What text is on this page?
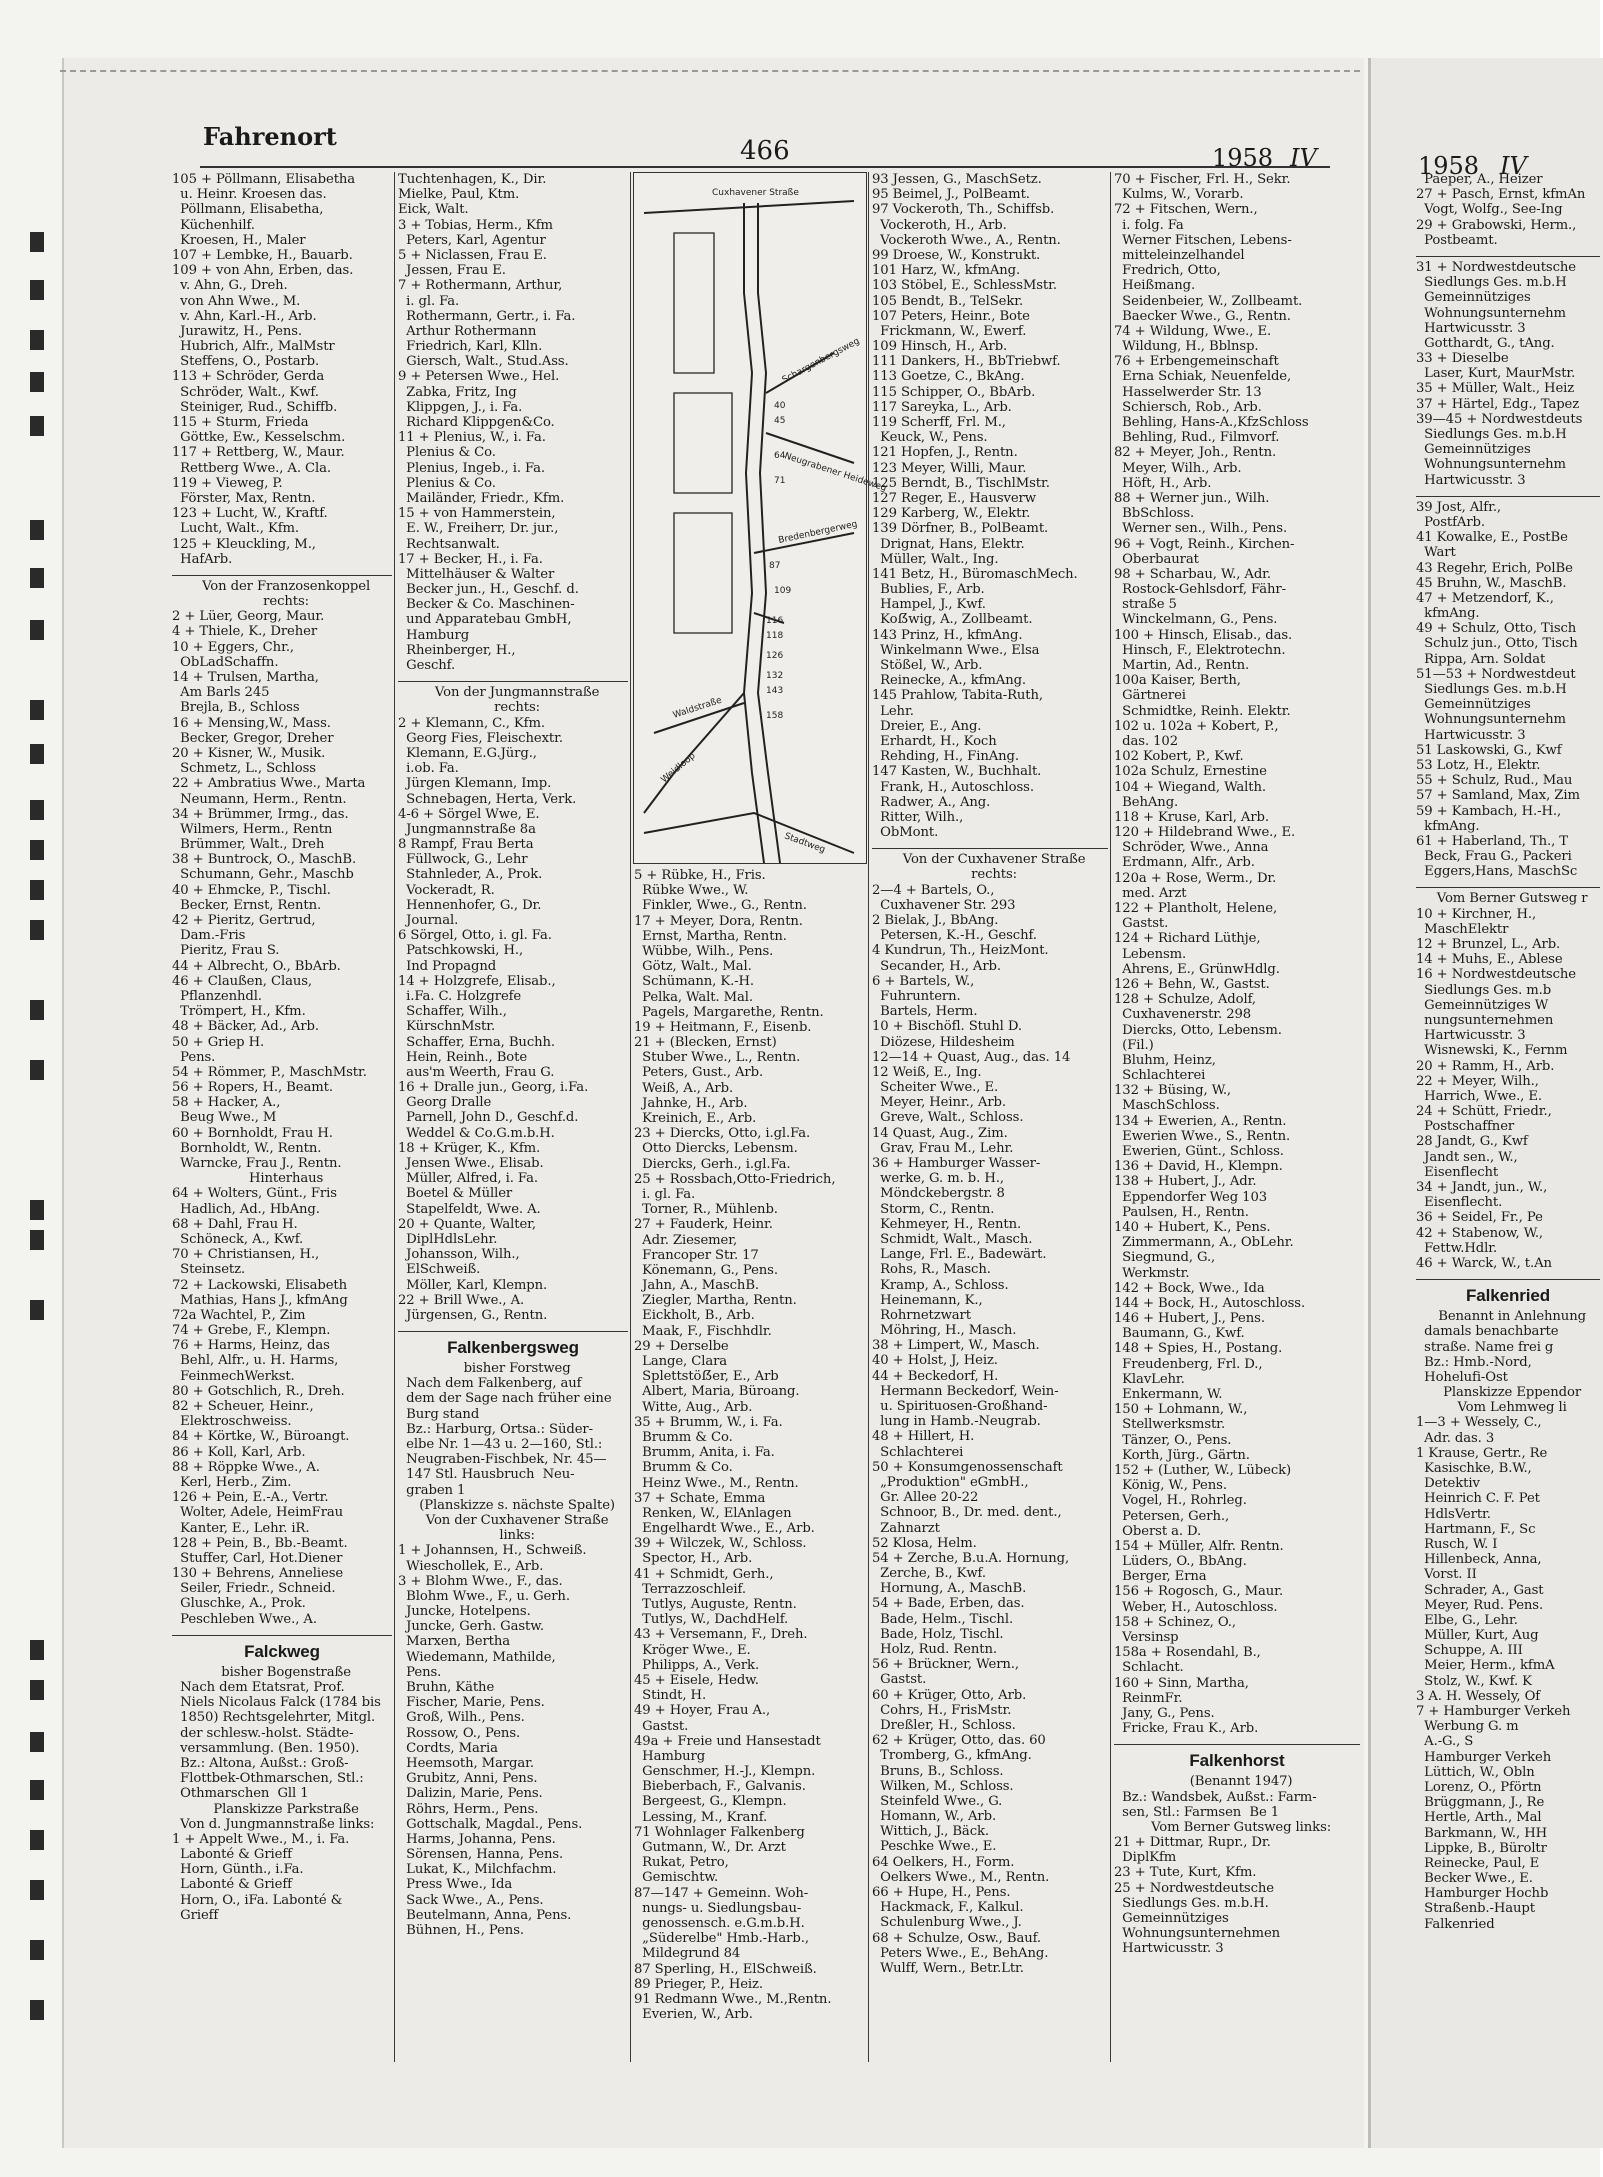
Fahrenort	466	1958 IV	1958 IV
105 + Pöllmann, Elisabetha
u. Heinr. Kroesen das.
Pöllmann, Elisabetha,
Küchenhilf.
Kroesen, H., Maler
107 + Lembke, H., Bauarb.
109 + von Ahn, Erben, das.
v. Ahn, G., Dreh.
von Ahn Wwe., M.
v. Ahn, Karl.-H., Arb.
Jurawitz, H., Pens.
Hubrich, Alfr., MalMstr
Steffens, O., Postarb.
113 + Schröder, Gerda
Schröder, Walt., Kwf.
Steiniger, Rud., Schiffb.
115 + Sturm, Frieda
Göttke, Ew., Kesselschm.
117 + Rettberg, W., Maur.
Rettberg Wwe., A. Cla.
119 + Vieweg, P.
Förster, Max, Rentn.
123 + Lucht, W., Kraftf.
Lucht, Walt., Kfm.
125 + Kleuckling, M.,
HafArb.
Von der Franzosenkoppel
rechts:
2 + Lüer, Georg, Maur.
4 + Thiele, K., Dreher
10 + Eggers, Chr.,
ObLadSchaffn.
14 + Trulsen, Martha,
Am Barls 245
Brejla, B., Schloss
16 + Mensing,W., Mass.
Becker, Gregor, Dreher
20 + Kisner, W., Musik.
Schmetz, L., Schloss
22 + Ambratius Wwe., Marta
Neumann, Herm., Rentn.
34 + Brümmer, Irmg., das.
Wilmers, Herm., Rentn
Brümmer, Walt., Dreh
38 + Buntrock, O., MaschB.
Schumann, Gehr., Maschb
40 + Ehmcke, P., Tischl.
Becker, Ernst, Rentn.
42 + Pieritz, Gertrud,
Dam.-Fris
Pieritz, Frau S.
44 + Albrecht, O., BbArb.
46 + Claußen, Claus,
Pflanzenhdl.
Trömpert, H., Kfm.
48 + Bäcker, Ad., Arb.
50 + Griep H.
Pens.
54 + Römmer, P., MaschMstr.
56 + Ropers, H., Beamt.
58 + Hacker, A.,
Beug Wwe., M
60 + Bornholdt, Frau H.
Bornholdt, W., Rentn.
Warncke, Frau J., Rentn.
Hinterhaus
64 + Wolters, Günt., Fris
Hadlich, Ad., HbAng.
68 + Dahl, Frau H.
Schöneck, A., Kwf.
70 + Christiansen, H.,
Steinsetz.
72 + Lackowski, Elisabeth
Mathias, Hans J., kfmAng
72a Wachtel, P., Zim
74 + Grebe, F., Klempn.
76 + Harms, Heinz, das
Behl, Alfr., u. H. Harms,
FeinmechWerkst.
80 + Gotschlich, R., Dreh.
82 + Scheuer, Heinr.,
Elektroschweiss.
84 + Körtke, W., Büroangt.
86 + Koll, Karl, Arb.
88 + Röppke Wwe., A.
Kerl, Herb., Zim.
126 + Pein, E.-A., Vertr.
Wolter, Adele, HeimFrau
Kanter, E., Lehr. iR.
128 + Pein, B., Bb.-Beamt.
Stuffer, Carl, Hot.Diener
130 + Behrens, Anneliese
Seiler, Friedr., Schneid.
Gluschke, A., Prok.
Peschleben Wwe., A.
Falckweg
bisher Bogenstraße
Nach dem Etatsrat, Prof.
Niels Nicolaus Falck (1784 bis
1850) Rechtsgelehrter, Mitgl.
der schlesw.-holst. Städte-
versammlung. (Ben. 1950).
Bz.: Altona, Außst.: Groß-
Flottbek-Othmarschen, Stl.:
Othmarschen  Gll 1
Planskizze Parkstraße
Von d. Jungmannstraße links:
1 + Appelt Wwe., M., i. Fa.
Labonté & Grieff
Horn, Günth., i.Fa.
Labonté & Grieff
Horn, O., iFa. Labonté &
Grieff
Tuchtenhagen, K., Dir.
Mielke, Paul, Ktm.
Eick, Walt.
3 + Tobias, Herm., Kfm
Peters, Karl, Agentur
5 + Niclassen, Frau E.
Jessen, Frau E.
7 + Rothermann, Arthur,
i. gl. Fa.
Rothermann, Gertr., i. Fa.
Arthur Rothermann
Friedrich, Karl, Klln.
Giersch, Walt., Stud.Ass.
9 + Petersen Wwe., Hel.
Zabka, Fritz, Ing
Klippgen, J., i. Fa.
Richard Klippgen&Co.
11 + Plenius, W., i. Fa.
Plenius & Co.
Plenius, Ingeb., i. Fa.
Plenius & Co.
Mailänder, Friedr., Kfm.
15 + von Hammerstein,
E. W., Freiherr, Dr. jur.,
Rechtsanwalt.
17 + Becker, H., i. Fa.
Mittelhäuser & Walter
Becker jun., H., Geschf. d.
Becker & Co. Maschinen-
und Apparatebau GmbH,
Hamburg
Rheinberger, H.,
Geschf.
Von der Jungmannstraße
rechts:
2 + Klemann, C., Kfm.
Georg Fies, Fleischextr.
Klemann, E.G.Jürg.,
i.ob. Fa.
Jürgen Klemann, Imp.
Schnebagen, Herta, Verk.
4-6 + Sörgel Wwe, E.
Jungmannstraße 8a
8 Rampf, Frau Berta
Füllwock, G., Lehr
Stahnleder, A., Prok.
Vockeradt, R.
Hennenhofer, G., Dr.
Journal.
6 Sörgel, Otto, i. gl. Fa.
Patschkowski, H.,
Ind Propagnd
14 + Holzgrefe, Elisab.,
i.Fa. C. Holzgrefe
Schaffer, Wilh.,
KürschnMstr.
Schaffer, Erna, Buchh.
Hein, Reinh., Bote
aus'm Weerth, Frau G.
16 + Dralle jun., Georg, i.Fa.
Georg Dralle
Parnell, John D., Geschf.d.
Weddel & Co.G.m.b.H.
18 + Krüger, K., Kfm.
Jensen Wwe., Elisab.
Müller, Alfred, i. Fa.
Boetel & Müller
Stapelfeldt, Wwe. A.
20 + Quante, Walter,
DiplHdlsLehr.
Johansson, Wilh.,
ElSchweiß.
Möller, Karl, Klempn.
22 + Brill Wwe., A.
Jürgensen, G., Rentn.
Falkenbergsweg
bisher Forstweg
Nach dem Falkenberg, auf
dem der Sage nach früher eine
Burg stand
Bz.: Harburg, Ortsa.: Süder-
elbe Nr. 1—43 u. 2—160, Stl.:
Neugraben-Fischbek, Nr. 45—
147 Stl. Hausbruch  Neu-
graben 1
(Planskizze s. nächste Spalte)
Von der Cuxhavener Straße
links:
1 + Johannsen, H., Schweiß.
Wieschollek, E., Arb.
3 + Blohm Wwe., F., das.
Blohm Wwe., F., u. Gerh.
Juncke, Hotelpens.
Juncke, Gerh. Gastw.
Marxen, Bertha
Wiedemann, Mathilde,
Pens.
Bruhn, Käthe
Fischer, Marie, Pens.
Groß, Wilh., Pens.
Rossow, O., Pens.
Cordts, Maria
Heemsoth, Margar.
Grubitz, Anni, Pens.
Dalizin, Marie, Pens.
Röhrs, Herm., Pens.
Gottschalk, Magdal., Pens.
Harms, Johanna, Pens.
Sörensen, Hanna, Pens.
Lukat, K., Milchfachm.
Press Wwe., Ida
Sack Wwe., A., Pens.
Beutelmann, Anna, Pens.
Bühnen, H., Pens.
Cuxhavener Straße
Schargenbergsweg
Neugrabener Heideweg
Bredenbergerweg
Waldstraße
Weidloop
Stadtweg
40
45
64
71
87
109
116
118
126
132
143
158
5 + Rübke, H., Fris.
Rübke Wwe., W.
Finkler, Wwe., G., Rentn.
17 + Meyer, Dora, Rentn.
Ernst, Martha, Rentn.
Wübbe, Wilh., Pens.
Götz, Walt., Mal.
Schümann, K.-H.
Pelka, Walt. Mal.
Pagels, Margarethe, Rentn.
19 + Heitmann, F., Eisenb.
21 + (Blecken, Ernst)
Stuber Wwe., L., Rentn.
Peters, Gust., Arb.
Weiß, A., Arb.
Jahnke, H., Arb.
Kreinich, E., Arb.
23 + Diercks, Otto, i.gl.Fa.
Otto Diercks, Lebensm.
Diercks, Gerh., i.gl.Fa.
25 + Rossbach,Otto-Friedrich,
i. gl. Fa.
Torner, R., Mühlenb.
27 + Fauderk, Heinr.
Adr. Ziesemer,
Francoper Str. 17
Könemann, G., Pens.
Jahn, A., MaschB.
Ziegler, Martha, Rentn.
Eickholt, B., Arb.
Maak, F., Fischhdlr.
29 + Derselbe
Lange, Clara
Splettstöẞer, E., Arb
Albert, Maria, Büroang.
Witte, Aug., Arb.
35 + Brumm, W., i. Fa.
Brumm & Co.
Brumm, Anita, i. Fa.
Brumm & Co.
Heinz Wwe., M., Rentn.
37 + Schate, Emma
Renken, W., ElAnlagen
Engelhardt Wwe., E., Arb.
39 + Wilczek, W., Schloss.
Spector, H., Arb.
41 + Schmidt, Gerh.,
Terrazzoschleif.
Tutlys, Auguste, Rentn.
Tutlys, W., DachdHelf.
43 + Versemann, F., Dreh.
Kröger Wwe., E.
Philipps, A., Verk.
45 + Eisele, Hedw.
Stindt, H.
49 + Hoyer, Frau A.,
Gastst.
49a + Freie und Hansestadt
Hamburg
Genschmer, H.-J., Klempn.
Bieberbach, F., Galvanis.
Bergeest, G., Klempn.
Lessing, M., Kranf.
71 Wohnlager Falkenberg
Gutmann, W., Dr. Arzt
Rukat, Petro,
Gemischtw.
87—147 + Gemeinn. Woh-
nungs- u. Siedlungsbau-
genossensch. e.G.m.b.H.
„Süderelbe" Hmb.-Harb.,
Mildegrund 84
87 Sperling, H., ElSchweiß.
89 Prieger, P., Heiz.
91 Redmann Wwe., M.,Rentn.
Everien, W., Arb.
93 Jessen, G., MaschSetz.
95 Beimel, J., PolBeamt.
97 Vockeroth, Th., Schiffsb.
Vockeroth, H., Arb.
Vockeroth Wwe., A., Rentn.
99 Droese, W., Konstrukt.
101 Harz, W., kfmAng.
103 Stöbel, E., SchlessMstr.
105 Bendt, B., TelSekr.
107 Peters, Heinr., Bote
Frickmann, W., Ewerf.
109 Hinsch, H., Arb.
111 Dankers, H., BbTriebwf.
113 Goetze, C., BkAng.
115 Schipper, O., BbArb.
117 Sareyka, L., Arb.
119 Scherff, Frl. M.,
Keuck, W., Pens.
121 Hopfen, J., Rentn.
123 Meyer, Willi, Maur.
125 Berndt, B., TischlMstr.
127 Reger, E., Hausverw
129 Karberg, W., Elektr.
139 Dörfner, B., PolBeamt.
Drignat, Hans, Elektr.
Müller, Walt., Ing.
141 Betz, H., BüromaschMech.
Bublies, F., Arb.
Hampel, J., Kwf.
Koẞwig, A., Zollbeamt.
143 Prinz, H., kfmAng.
Winkelmann Wwe., Elsa
Stößel, W., Arb.
Reinecke, A., kfmAng.
145 Prahlow, Tabita-Ruth,
Lehr.
Dreier, E., Ang.
Erhardt, H., Koch
Rehding, H., FinAng.
147 Kasten, W., Buchhalt.
Frank, H., Autoschloss.
Radwer, A., Ang.
Ritter, Wilh.,
ObMont.
Von der Cuxhavener Straße
rechts:
2—4 + Bartels, O.,
Cuxhavener Str. 293
2 Bielak, J., BbAng.
Petersen, K.-H., Geschf.
4 Kundrun, Th., HeizMont.
Secander, H., Arb.
6 + Bartels, W.,
Fuhruntern.
Bartels, Herm.
10 + Bischöfl. Stuhl D.
Diözese, Hildesheim
12—14 + Quast, Aug., das. 14
12 Weiß, E., Ing.
Scheiter Wwe., E.
Meyer, Heinr., Arb.
Greve, Walt., Schloss.
14 Quast, Aug., Zim.
Grav, Frau M., Lehr.
36 + Hamburger Wasser-
werke, G. m. b. H.,
Möndckebergstr. 8
Storm, C., Rentn.
Kehmeyer, H., Rentn.
Schmidt, Walt., Masch.
Lange, Frl. E., Badewärt.
Rohs, R., Masch.
Kramp, A., Schloss.
Heinemann, K.,
Rohrnetzwart
Möhring, H., Masch.
38 + Limpert, W., Masch.
40 + Holst, J, Heiz.
44 + Beckedorf, H.
Hermann Beckedorf, Wein-
u. Spirituosen-Großhand-
lung in Hamb.-Neugrab.
48 + Hillert, H.
Schlachterei
50 + Konsumgenossenschaft
„Produktion" eGmbH.,
Gr. Allee 20-22
Schnoor, B., Dr. med. dent.,
Zahnarzt
52 Klosa, Helm.
54 + Zerche, B.u.A. Hornung,
Zerche, B., Kwf.
Hornung, A., MaschB.
54 + Bade, Erben, das.
Bade, Helm., Tischl.
Bade, Holz, Tischl.
Holz, Rud. Rentn.
56 + Brückner, Wern.,
Gastst.
60 + Krüger, Otto, Arb.
Cohrs, H., FrisMstr.
Dreßler, H., Schloss.
62 + Krüger, Otto, das. 60
Tromberg, G., kfmAng.
Bruns, B., Schloss.
Wilken, M., Schloss.
Steinfeld Wwe., G.
Homann, W., Arb.
Wittich, J., Bäck.
Peschke Wwe., E.
64 Oelkers, H., Form.
Oelkers Wwe., M., Rentn.
66 + Hupe, H., Pens.
Hackmack, F., Kalkul.
Schulenburg Wwe., J.
68 + Schulze, Osw., Bauf.
Peters Wwe., E., BehAng.
Wulff, Wern., Betr.Ltr.
70 + Fischer, Frl. H., Sekr.
Kulms, W., Vorarb.
72 + Fitschen, Wern.,
i. folg. Fa
Werner Fitschen, Lebens-
mitteleinzelhandel
Fredrich, Otto,
Heißmang.
Seidenbeier, W., Zollbeamt.
Baecker Wwe., G., Rentn.
74 + Wildung, Wwe., E.
Wildung, H., Bblnsp.
76 + Erbengemeinschaft
Erna Schiak, Neuenfelde,
Hasselwerder Str. 13
Schiersch, Rob., Arb.
Behling, Hans-A.,KfzSchloss
Behling, Rud., Filmvorf.
82 + Meyer, Joh., Rentn.
Meyer, Wilh., Arb.
Höft, H., Arb.
88 + Werner jun., Wilh.
BbSchloss.
Werner sen., Wilh., Pens.
96 + Vogt, Reinh., Kirchen-
Oberbaurat
98 + Scharbau, W., Adr.
Rostock-Gehlsdorf, Fähr-
straße 5
Winckelmann, G., Pens.
100 + Hinsch, Elisab., das.
Hinsch, F., Elektrotechn.
Martin, Ad., Rentn.
100a Kaiser, Berth,
Gärtnerei
Schmidtke, Reinh. Elektr.
102 u. 102a + Kobert, P.,
das. 102
102 Kobert, P., Kwf.
102a Schulz, Ernestine
104 + Wiegand, Walth.
BehAng.
118 + Kruse, Karl, Arb.
120 + Hildebrand Wwe., E.
Schröder, Wwe., Anna
Erdmann, Alfr., Arb.
120a + Rose, Werm., Dr.
med. Arzt
122 + Plantholt, Helene,
Gastst.
124 + Richard Lüthje,
Lebensm.
Ahrens, E., GrünwHdlg.
126 + Behn, W., Gastst.
128 + Schulze, Adolf,
Cuxhavenerstr. 298
Diercks, Otto, Lebensm.
(Fil.)
Bluhm, Heinz,
Schlachterei
132 + Büsing, W.,
MaschSchloss.
134 + Ewerien, A., Rentn.
Ewerien Wwe., S., Rentn.
Ewerien, Günt., Schloss.
136 + David, H., Klempn.
138 + Hubert, J., Adr.
Eppendorfer Weg 103
Paulsen, H., Rentn.
140 + Hubert, K., Pens.
Zimmermann, A., ObLehr.
Siegmund, G.,
Werkmstr.
142 + Bock, Wwe., Ida
144 + Bock, H., Autoschloss.
146 + Hubert, J., Pens.
Baumann, G., Kwf.
148 + Spies, H., Postang.
Freudenberg, Frl. D.,
KlavLehr.
Enkermann, W.
150 + Lohmann, W.,
Stellwerksmstr.
Tänzer, O., Pens.
Korth, Jürg., Gärtn.
152 + (Luther, W., Lübeck)
König, W., Pens.
Vogel, H., Rohrleg.
Petersen, Gerh.,
Oberst a. D.
154 + Müller, Alfr. Rentn.
Lüders, O., BbAng.
Berger, Erna
156 + Rogosch, G., Maur.
Weber, H., Autoschloss.
158 + Schinez, O.,
Versinsp
158a + Rosendahl, B.,
Schlacht.
160 + Sinn, Martha,
ReinmFr.
Jany, G., Pens.
Fricke, Frau K., Arb.
Falkenhorst
(Benannt 1947)
Bz.: Wandsbek, Außst.: Farm-
sen, Stl.: Farmsen  Be 1
Vom Berner Gutsweg links:
21 + Dittmar, Rupr., Dr.
DiplKfm
23 + Tute, Kurt, Kfm.
25 + Nordwestdeutsche
Siedlungs Ges. m.b.H.
Gemeinnütziges
Wohnungsunternehmen
Hartwicusstr. 3
Paeper, A., Heizer
27 + Pasch, Ernst, kfmAn
Vogt, Wolfg., See-Ing
29 + Grabowski, Herm.,
Postbeamt.
31 + Nordwestdeutsche
Siedlungs Ges. m.b.H
Gemeinnütziges
Wohnungsunternehm
Hartwicusstr. 3
Gotthardt, G., tAng.
33 + Dieselbe
Laser, Kurt, MaurMstr.
35 + Müller, Walt., Heiz
37 + Härtel, Edg., Tapez
39—45 + Nordwestdeuts
Siedlungs Ges. m.b.H
Gemeinnütziges
Wohnungsunternehm
Hartwicusstr. 3
39 Jost, Alfr.,
PostfArb.
41 Kowalke, E., PostBe
Wart
43 Regehr, Erich, PolBe
45 Bruhn, W., MaschB.
47 + Metzendorf, K.,
kfmAng.
49 + Schulz, Otto, Tisch
Schulz jun., Otto, Tisch
Rippa, Arn. Soldat
51—53 + Nordwestdeut
Siedlungs Ges. m.b.H
Gemeinnütziges
Wohnungsunternehm
Hartwicusstr. 3
51 Laskowski, G., Kwf
53 Lotz, H., Elektr.
55 + Schulz, Rud., Mau
57 + Samland, Max, Zim
59 + Kambach, H.-H.,
kfmAng.
61 + Haberland, Th., T
Beck, Frau G., Packeri
Eggers,Hans, MaschSc
Vom Berner Gutsweg r
10 + Kirchner, H.,
MaschElektr
12 + Brunzel, L., Arb.
14 + Muhs, E., Ablese
16 + Nordwestdeutsche
Siedlungs Ges. m.b
Gemeinnütziges W
nungsunternehmen
Hartwicusstr. 3
Wisnewski, K., Fernm
20 + Ramm, H., Arb.
22 + Meyer, Wilh.,
Harrich, Wwe., E.
24 + Schütt, Friedr.,
Postschaffner
28 Jandt, G., Kwf
Jandt sen., W.,
Eisenflecht
34 + Jandt, jun., W.,
Eisenflecht.
36 + Seidel, Fr., Pe
42 + Stabenow, W.,
Fettw.Hdlr.
46 + Warck, W., t.An
Falkenried
Benannt in Anlehnung
damals benachbarte
straße. Name frei g
Bz.: Hmb.-Nord,
Hohelufi-Ost
Planskizze Eppendor
Vom Lehmweg li
1—3 + Wessely, C.,
Adr. das. 3
1 Krause, Gertr., Re
Kasischke, B.W.,
Detektiv
Heinrich C. F. Pet
HdlsVertr.
Hartmann, F., Sc
Rusch, W. I
Hillenbeck, Anna,
Vorst. II
Schrader, A., Gast
Meyer, Rud. Pens.
Elbe, G., Lehr.
Müller, Kurt, Aug
Schuppe, A. III
Meier, Herm., kfmA
Stolz, W., Kwf. K
3 A. H. Wessely, Of
7 + Hamburger Verkeh
Werbung G. m
A.-G., S
Hamburger Verkeh
Lüttich, W., Obln
Lorenz, O., Pförtn
Brüggmann, J., Re
Hertle, Arth., Mal
Barkmann, W., HH
Lippke, B., Büroltr
Reinecke, Paul, E
Becker Wwe., E.
Hamburger Hochb
Straßenb.-Haupt
Falkenried
